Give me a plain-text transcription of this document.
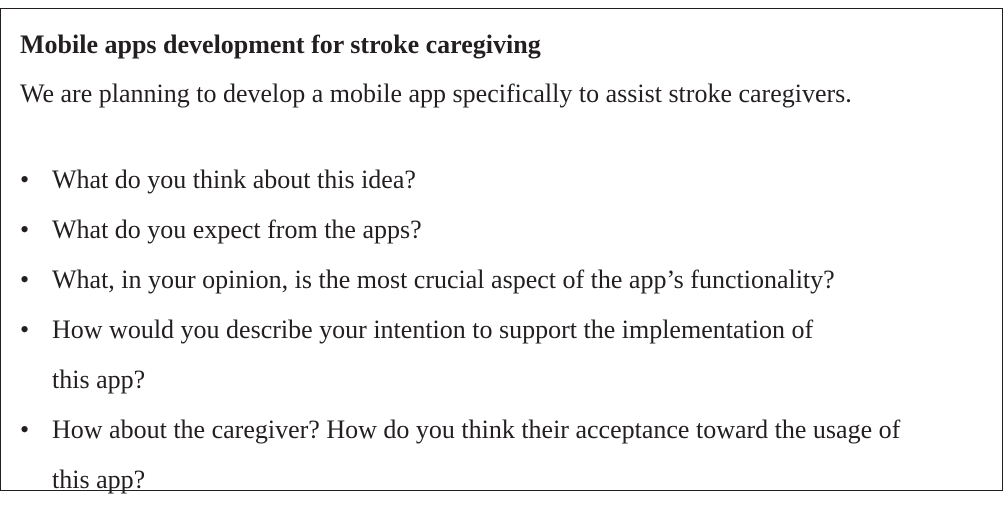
Mobile apps development for stroke caregiving
We are planning to develop a mobile app specifically to assist stroke caregivers.
• What do you think about this idea?
• What do you expect from the apps?
• What, in your opinion, is the most crucial aspect of the app’s functionality?
• How would you describe your intention to support the implementation of
this app?
• How about the caregiver? How do you think their acceptance toward the usage of
this app?
